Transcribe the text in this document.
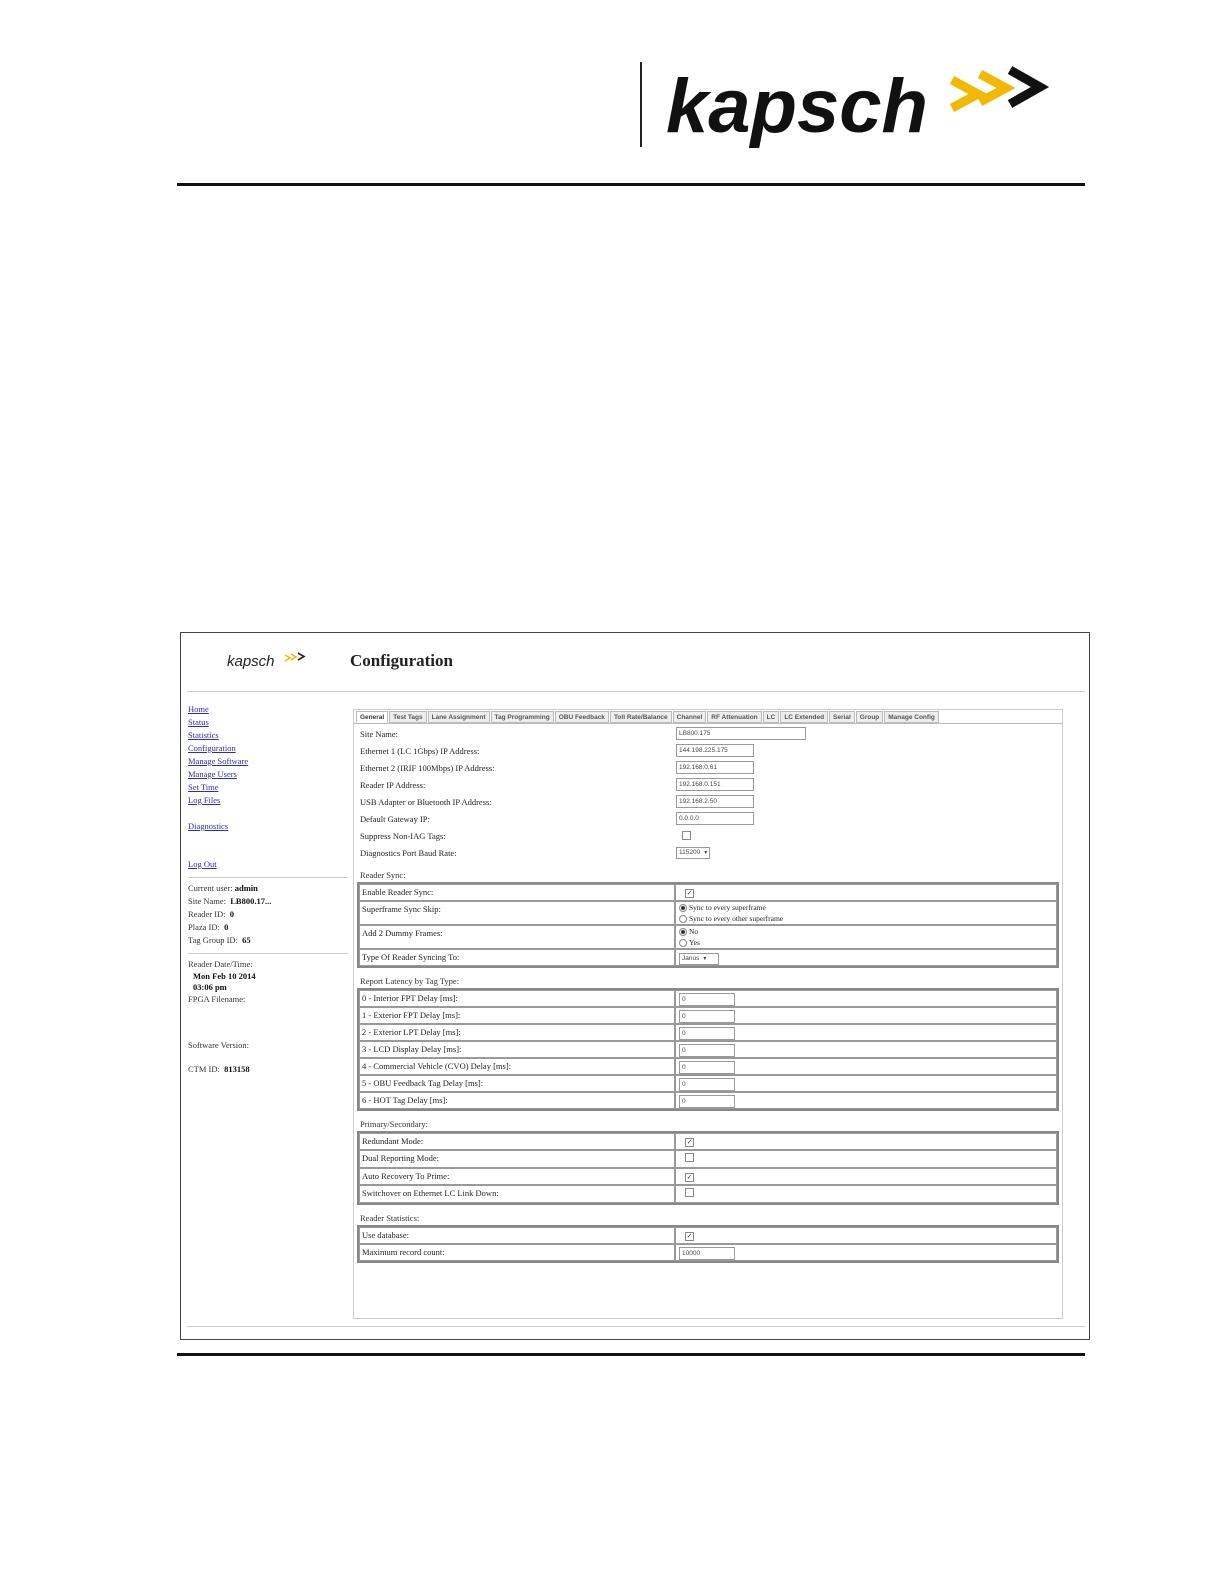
kapsch
kapsch	Configuration
Home
Status
Statistics
Configuration
Manage Software
Manage Users
Set Time
Log Files
Diagnostics
Log Out
Current user: admin
Site Name: LB800.17...
Reader ID: 0
Plaza ID: 0
Tag Group ID: 65
Reader Date/Time:
Mon Feb 10 2014
03:06 pm
FPGA Filename:
Software Version:
CTM ID: 813158
General	Test Tags	Lane Assignment	Tag Programming	OBU Feedback	Toll Rate/Balance	Channel	RF Attenuation	LC	LC Extended	Serial	Group	Manage Config
Site Name:	LB800.175
Ethernet 1 (LC 1Gbps) IP Address:	144.198.225.175
Ethernet 2 (IRIF 100Mbps) IP Address:	192.168.0.61
Reader IP Address:	192.168.0.151
USB Adapter or Bluetooth IP Address:	192.168.2.50
Default Gateway IP:	0.0.0.0
Suppress Non-IAG Tags:
Diagnostics Port Baud Rate:	115200 ▾
Reader Sync:
Enable Reader Sync:	✓
Superframe Sync Skip:	Sync to every superframe
Sync to every other superframe

Add 2 Dummy Frames:	No
Yes

Type Of Reader Syncing To:	Janus ▾
Report Latency by Tag Type:
0 - Interior FPT Delay [ms]:	0
1 - Exterior FPT Delay [ms]:	0
2 - Exterior LPT Delay [ms]:	0
3 - LCD Display Delay [ms]:	0
4 - Commercial Vehicle (CVO) Delay [ms]:	0
5 - OBU Feedback Tag Delay [ms]:	0
6 - HOT Tag Delay [ms]:	0
Primary/Secondary:
Redundant Mode:	✓
Dual Reporting Mode:	
Auto Recovery To Prime:	✓
Switchover on Ethernet LC Link Down:	
Reader Statistics:
Use database:	✓
Maximum record count:	10000
